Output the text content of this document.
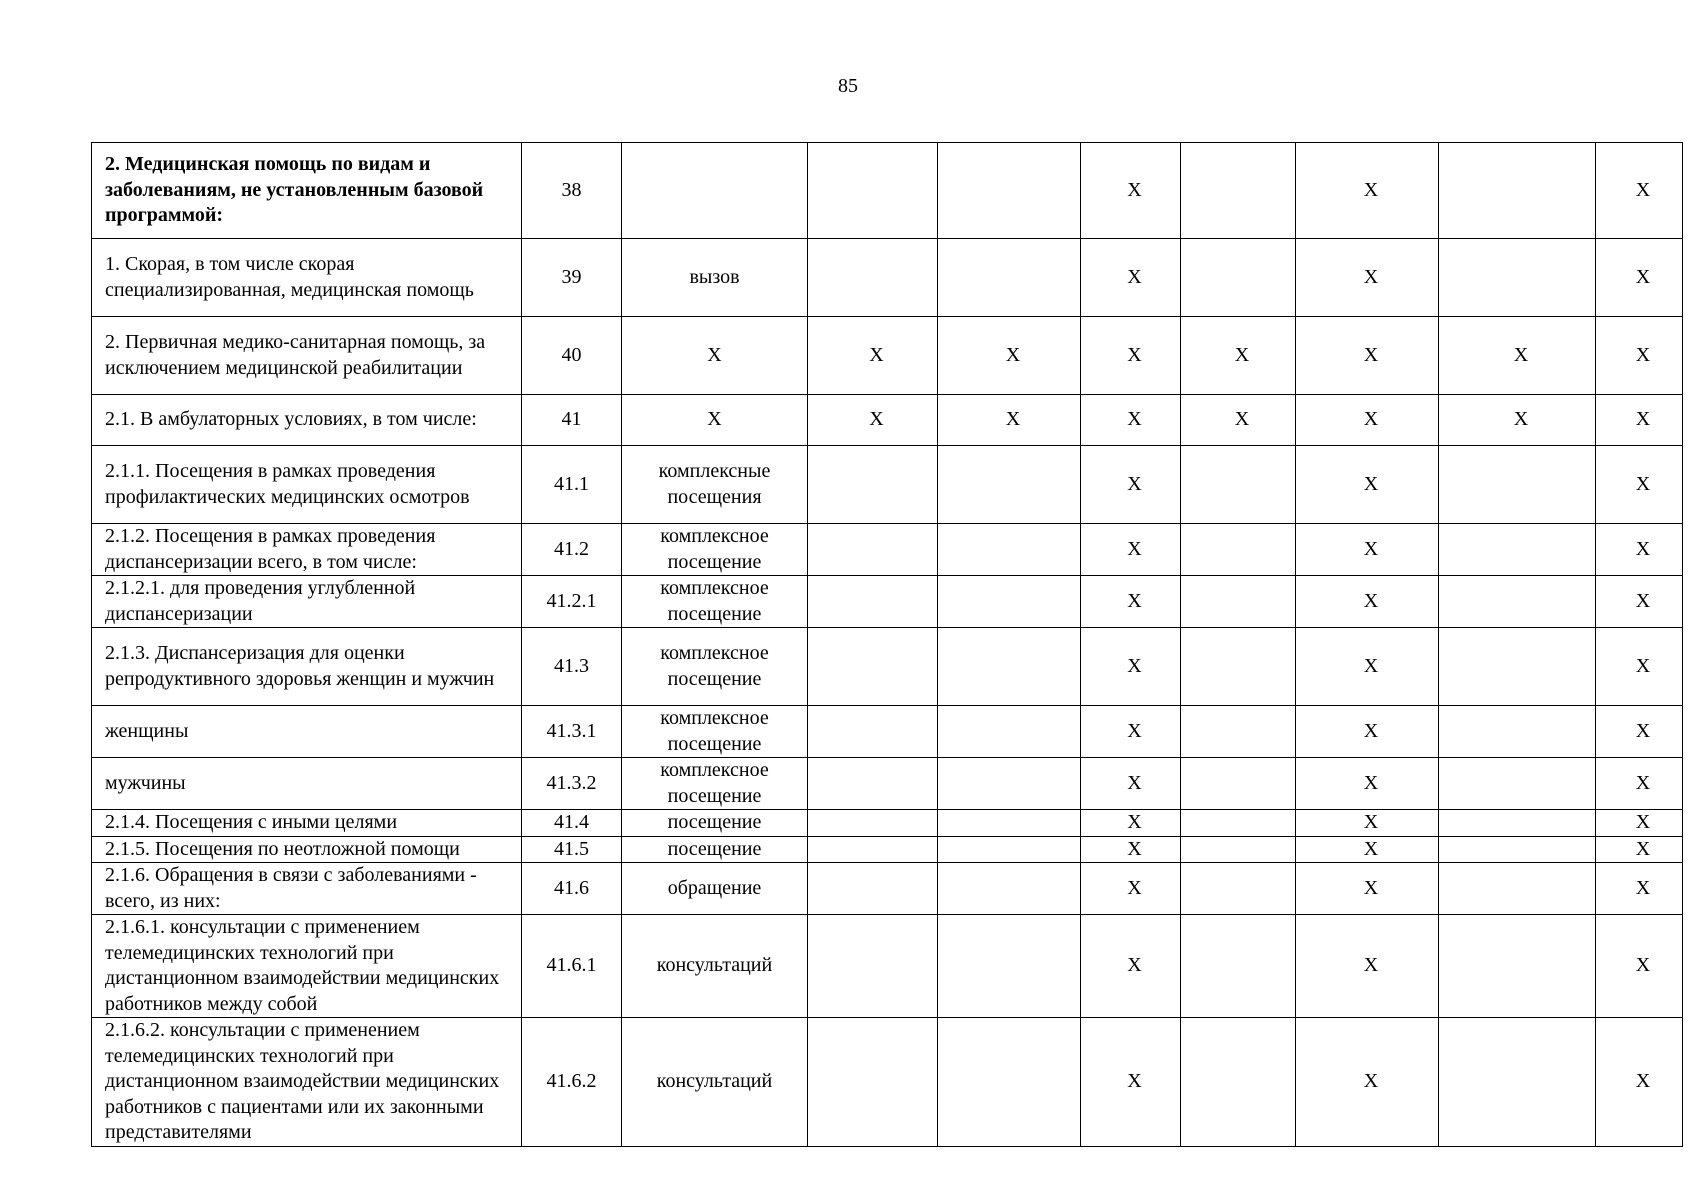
85
2. Медицинская помощь по видам и заболеваниям, не установленным базовой программой:	38				X		X		X
1. Скорая, в том числе скорая специализированная, медицинская помощь	39	вызов			X		X		X
2. Первичная медико-санитарная помощь, за исключением медицинской реабилитации	40	X	X	X	X	X	X	X	X
2.1. В амбулаторных условиях, в том числе:	41	X	X	X	X	X	X	X	X
2.1.1. Посещения в рамках проведения профилактических медицинских осмотров	41.1	комплексные посещения			X		X		X
2.1.2. Посещения в рамках проведения диспансеризации всего, в том числе:	41.2	комплексное посещение			X		X		X
2.1.2.1. для проведения углубленной диспансеризации	41.2.1	комплексное посещение			X		X		X
2.1.3. Диспансеризация для оценки репродуктивного здоровья женщин и мужчин	41.3	комплексное посещение			X		X		X
женщины	41.3.1	комплексное посещение			X		X		X
мужчины	41.3.2	комплексное посещение			X		X		X
2.1.4. Посещения с иными целями	41.4	посещение			X		X		X
2.1.5. Посещения по неотложной помощи	41.5	посещение			X		X		X
2.1.6. Обращения в связи с заболеваниями - всего, из них:	41.6	обращение			X		X		X
2.1.6.1. консультации с применением телемедицинских технологий при дистанционном взаимодействии медицинских работников между собой	41.6.1	консультаций			X		X		X
2.1.6.2. консультации с применением телемедицинских технологий при дистанционном взаимодействии медицинских работников с пациентами или их законными представителями	41.6.2	консультаций			X		X		X
